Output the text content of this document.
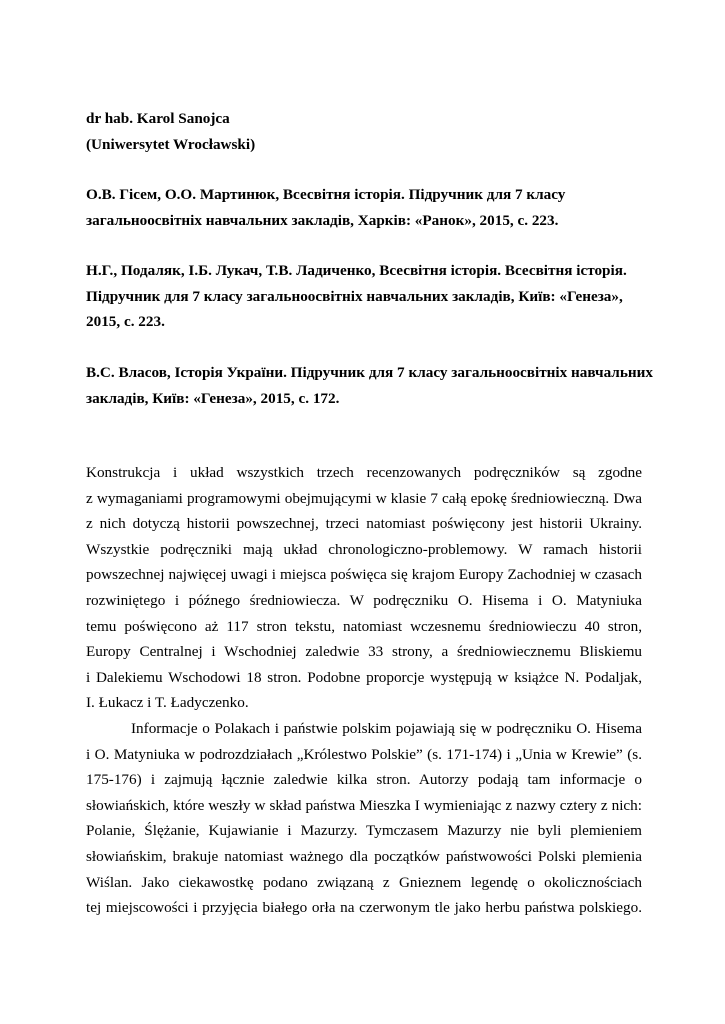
dr hab. Karol Sanojca
(Uniwersytet Wrocławski)
О.В. Гісем, О.О. Мартинюк, Всесвітня історія. Підручник для 7 класу
загальноосвітніх навчальних закладів, Харків: «Ранок», 2015, с. 223.
Н.Г., Подаляк, І.Б. Лукач, Т.В. Ладиченко, Всесвітня історія. Всесвітня історія.
Підручник для 7 класу загальноосвітніх навчальних закладів, Київ: «Генеза»,
2015, с. 223.
В.С. Власов, Історія України. Підручник для 7 класу загальноосвітніх навчальних
закладів, Київ: «Генеза», 2015, с. 172.
Konstrukcja i układ wszystkich trzech recenzowanych podręczników są zgodne
z wymaganiami programowymi obejmującymi w klasie 7 całą epokę średniowieczną. Dwa
z nich dotyczą historii powszechnej, trzeci natomiast poświęcony jest historii Ukrainy.
Wszystkie podręczniki mają układ chronologiczno-problemowy. W ramach historii
powszechnej najwięcej uwagi i miejsca poświęca się krajom Europy Zachodniej w czasach
rozwiniętego i późnego średniowiecza. W podręczniku O. Hisema i O. Matyniuka
temu poświęcono aż 117 stron tekstu, natomiast wczesnemu średniowieczu 40 stron,
Europy Centralnej i Wschodniej zaledwie 33 strony, a średniowiecznemu Bliskiemu
i Dalekiemu Wschodowi 18 stron. Podobne proporcje występują w książce N. Podaljak,
I. Łukacz i T. Ładyczenko.
Informacje o Polakach i państwie polskim pojawiają się w podręczniku O. Hisema
i O. Matyniuka w podrozdziałach „Królestwo Polskie” (s. 171-174) i „Unia w Krewie” (s.
175-176) i zajmują łącznie zaledwie kilka stron. Autorzy podają tam informacje o
słowiańskich, które weszły w skład państwa Mieszka I wymieniając z nazwy cztery z nich:
Polanie, Ślężanie, Kujawianie i Mazurzy. Tymczasem Mazurzy nie byli plemieniem
słowiańskim, brakuje natomiast ważnego dla początków państwowości Polski plemienia
Wiślan. Jako ciekawostkę podano związaną z Gnieznem legendę o okolicznościach
tej miejscowości i przyjęcia białego orła na czerwonym tle jako herbu państwa polskiego.
